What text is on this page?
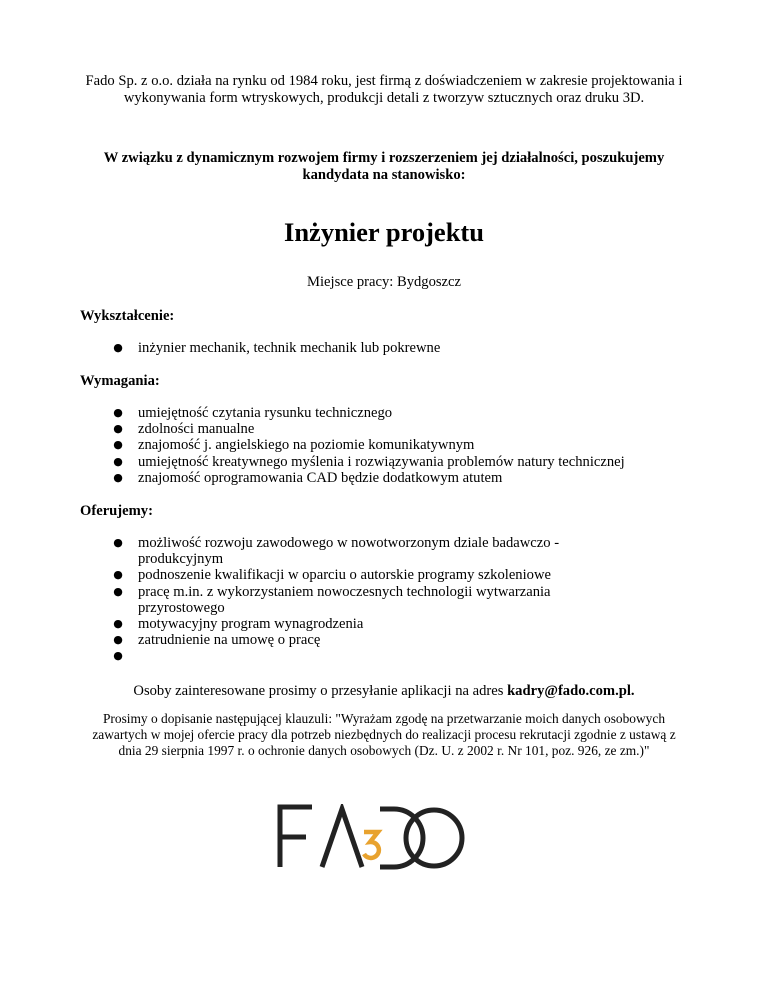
Fado Sp. z o.o. działa na rynku od 1984 roku, jest firmą z doświadczeniem w zakresie projektowania i wykonywania form wtryskowych, produkcji detali z tworzyw sztucznych oraz druku 3D.
W związku z dynamicznym rozwojem firmy i rozszerzeniem jej działalności, poszukujemy kandydata na stanowisko:
Inżynier projektu
Miejsce pracy: Bydgoszcz
Wykształcenie:
● inżynier mechanik, technik mechanik lub pokrewne
Wymagania:
● umiejętność czytania rysunku technicznego
● zdolności manualne
● znajomość j. angielskiego na poziomie komunikatywnym
● umiejętność kreatywnego myślenia i rozwiązywania problemów natury technicznej
● znajomość oprogramowania CAD będzie dodatkowym atutem
Oferujemy:
● możliwość rozwoju zawodowego w nowotworzonym dziale badawczo - produkcyjnym
● podnoszenie kwalifikacji w oparciu o autorskie programy szkoleniowe
● pracę m.in. z wykorzystaniem nowoczesnych technologii wytwarzania przyrostowego
● motywacyjny program wynagrodzenia
● zatrudnienie na umowę o pracę
●
Osoby zainteresowane prosimy o przesyłanie aplikacji na adres kadry@fado.com.pl.
Prosimy o dopisanie następującej klauzuli: "Wyrażam zgodę na przetwarzanie moich danych osobowych zawartych w mojej ofercie pracy dla potrzeb niezbędnych do realizacji procesu rekrutacji zgodnie z ustawą z dnia 29 sierpnia 1997 r. o ochronie danych osobowych (Dz. U. z 2002 r. Nr 101, poz. 926, ze zm.)"
